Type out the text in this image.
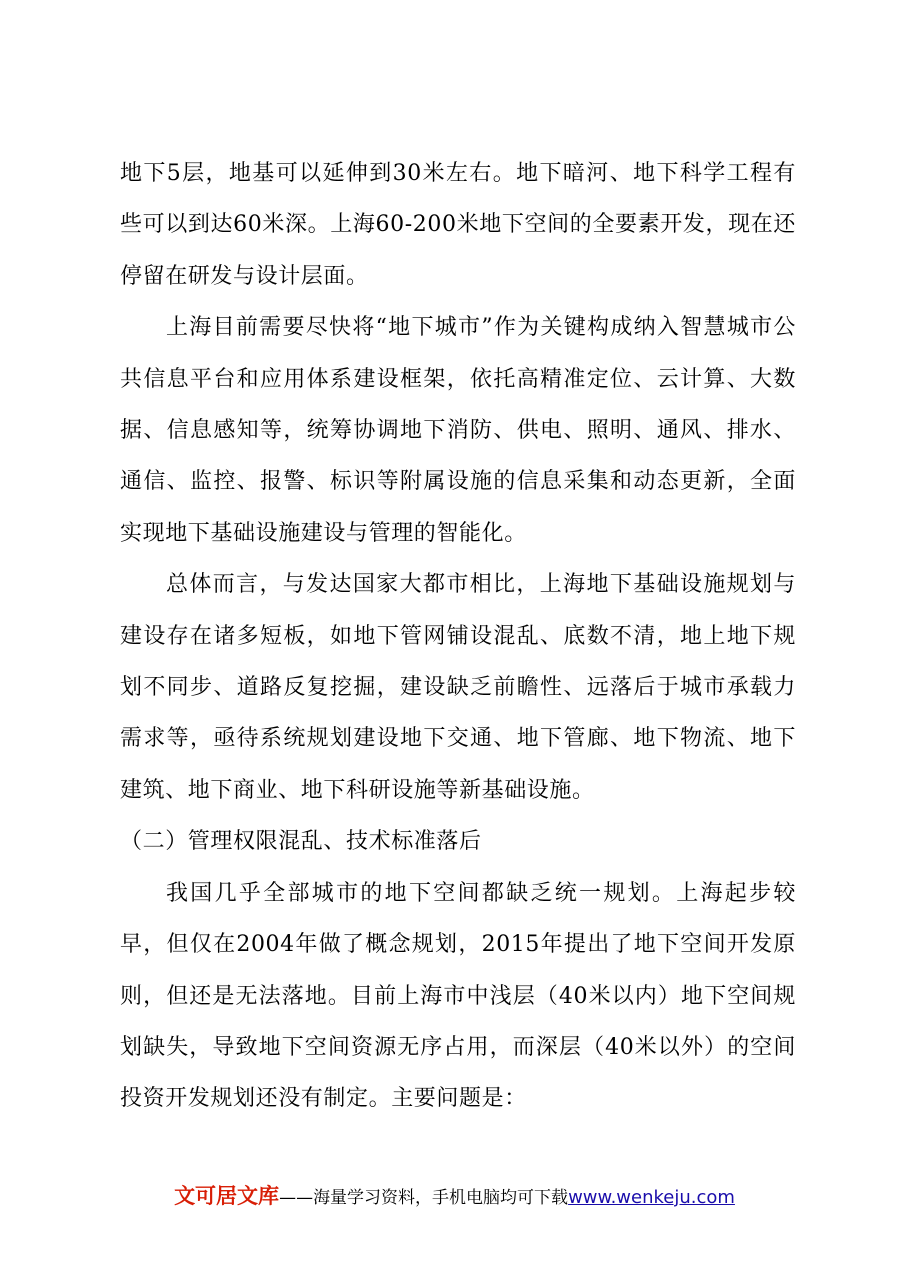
地下5层，地基可以延伸到30米左右。地下暗河、地下科学工程有些可以到达60米深。上海60-200米地下空间的全要素开发，现在还停留在研发与设计层面。

上海目前需要尽快将“地下城市”作为关键构成纳入智慧城市公共信息平台和应用体系建设框架，依托高精准定位、云计算、大数据、信息感知等，统筹协调地下消防、供电、照明、通风、排水、通信、监控、报警、标识等附属设施的信息采集和动态更新，全面实现地下基础设施建设与管理的智能化。

总体而言，与发达国家大都市相比，上海地下基础设施规划与建设存在诸多短板，如地下管网铺设混乱、底数不清，地上地下规划不同步、道路反复挖掘，建设缺乏前瞻性、远落后于城市承载力需求等，亟待系统规划建设地下交通、地下管廊、地下物流、地下建筑、地下商业、地下科研设施等新基础设施。

（二）管理权限混乱、技术标准落后

我国几乎全部城市的地下空间都缺乏统一规划。上海起步较早，但仅在2004年做了概念规划，2015年提出了地下空间开发原则，但还是无法落地。目前上海市中浅层（40米以内）地下空间规划缺失，导致地下空间资源无序占用，而深层（40米以外）的空间投资开发规划还没有制定。主要问题是：

文可居文库——海量学习资料，手机电脑均可下载www.wenkeju.com
